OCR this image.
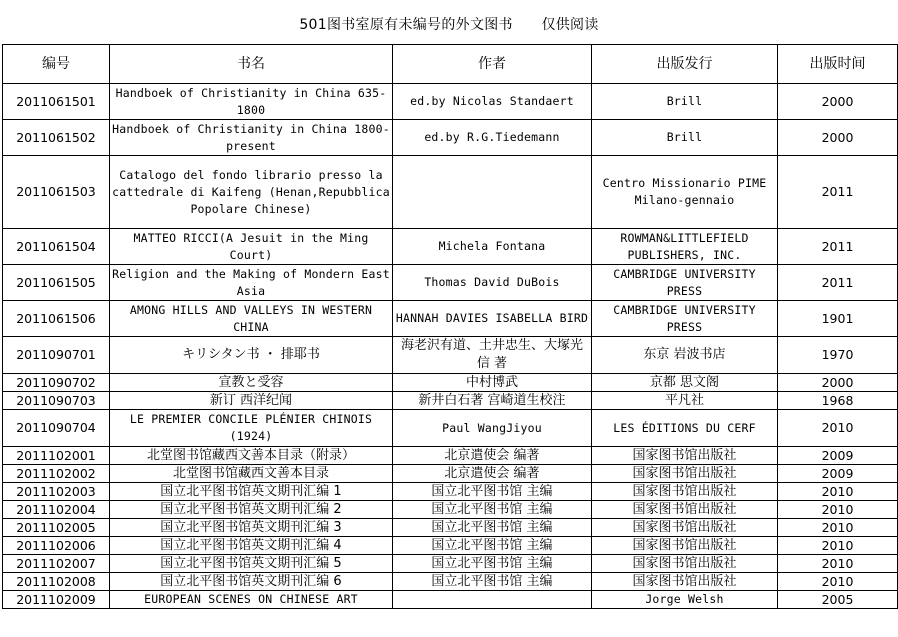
501图书室原有未编号的外文图书　　仅供阅读
编号	书名	作者	出版发行	出版时间
2011061501	Handboek of Christianity in China 635-1800	ed.by Nicolas Standaert	Brill	2000
2011061502	Handboek of Christianity in China 1800-present	ed.by R.G.Tiedemann	Brill	2000
2011061503	Catalogo del fondo librario presso la cattedrale di Kaifeng (Henan,Repubblica Popolare Chinese)		Centro Missionario PIME Milano-gennaio	2011
2011061504	MATTEO RICCI(A Jesuit in the Ming Court)	Michela Fontana	ROWMAN&LITTLEFIELD PUBLISHERS, INC.	2011
2011061505	Religion and the Making of Mondern East Asia	Thomas David DuBois	CAMBRIDGE UNIVERSITY PRESS	2011
2011061506	AMONG HILLS AND VALLEYS IN WESTERN CHINA	HANNAH DAVIES ISABELLA BIRD	CAMBRIDGE UNIVERSITY PRESS	1901
2011090701	キリシタン书 ・ 排耶书	海老沢有道、土井忠生、大塚光信 著	东京 岩波书店	1970
2011090702	宣教と受容	中村博武	京都 思文阁	2000
2011090703	新订 西洋纪闻	新井白石著 宫崎道生校注	平凡社	1968
2011090704	LE PREMIER CONCILE PLÉNIER CHINOIS (1924)	Paul WangJiyou	LES ÉDITIONS DU CERF	2010
2011102001	北堂图书馆藏西文善本目录（附录）	北京遣使会 编著	国家图书馆出版社	2009
2011102002	北堂图书馆藏西文善本目录	北京遣使会 编著	国家图书馆出版社	2009
2011102003	国立北平图书馆英文期刊汇编 1	国立北平图书馆 主编	国家图书馆出版社	2010
2011102004	国立北平图书馆英文期刊汇编 2	国立北平图书馆 主编	国家图书馆出版社	2010
2011102005	国立北平图书馆英文期刊汇编 3	国立北平图书馆 主编	国家图书馆出版社	2010
2011102006	国立北平图书馆英文期刊汇编 4	国立北平图书馆 主编	国家图书馆出版社	2010
2011102007	国立北平图书馆英文期刊汇编 5	国立北平图书馆 主编	国家图书馆出版社	2010
2011102008	国立北平图书馆英文期刊汇编 6	国立北平图书馆 主编	国家图书馆出版社	2010
2011102009	EUROPEAN SCENES ON CHINESE ART		Jorge Welsh	2005
